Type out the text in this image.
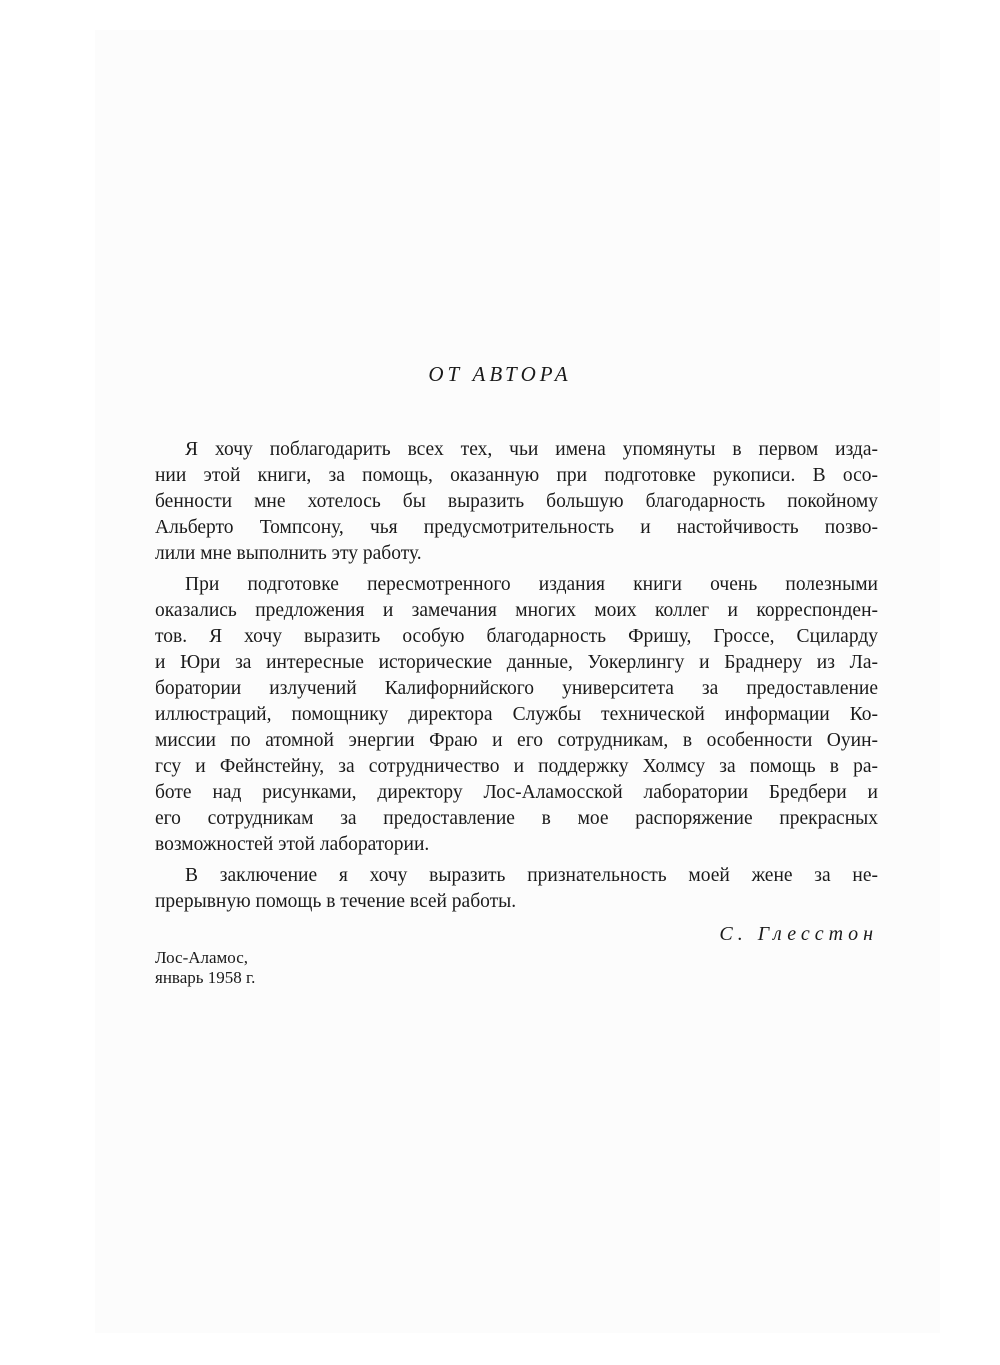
ОТ АВТОРА
Я хочу поблагодарить всех тех, чьи имена упомянуты в первом изда-
нии этой книги, за помощь, оказанную при подготовке рукописи. В осо-
бенности мне хотелось бы выразить большую благодарность покойному
Альберто Томпсону, чья предусмотрительность и настойчивость позво-
лили мне выполнить эту работу.
При подготовке пересмотренного издания книги очень полезными
оказались предложения и замечания многих моих коллег и корреспонден-
тов. Я хочу выразить особую благодарность Фришу, Гроссе, Сциларду
и Юри за интересные исторические данные, Уокерлингу и Браднеру из Ла-
боратории излучений Калифорнийского университета за предоставление
иллюстраций, помощнику директора Службы технической информации Ко-
миссии по атомной энергии Фраю и его сотрудникам, в особенности Оуин-
гсу и Фейнстейну, за сотрудничество и поддержку Холмсу за помощь в ра-
боте над рисунками, директору Лос-Аламосской лаборатории Бредбери и
его сотрудникам за предоставление в мое распоряжение прекрасных
возможностей этой лаборатории.
В заключение я хочу выразить признательность моей жене за не-
прерывную помощь в течение всей работы.
С. Глесстон
Лос-Аламос,
январь 1958 г.
